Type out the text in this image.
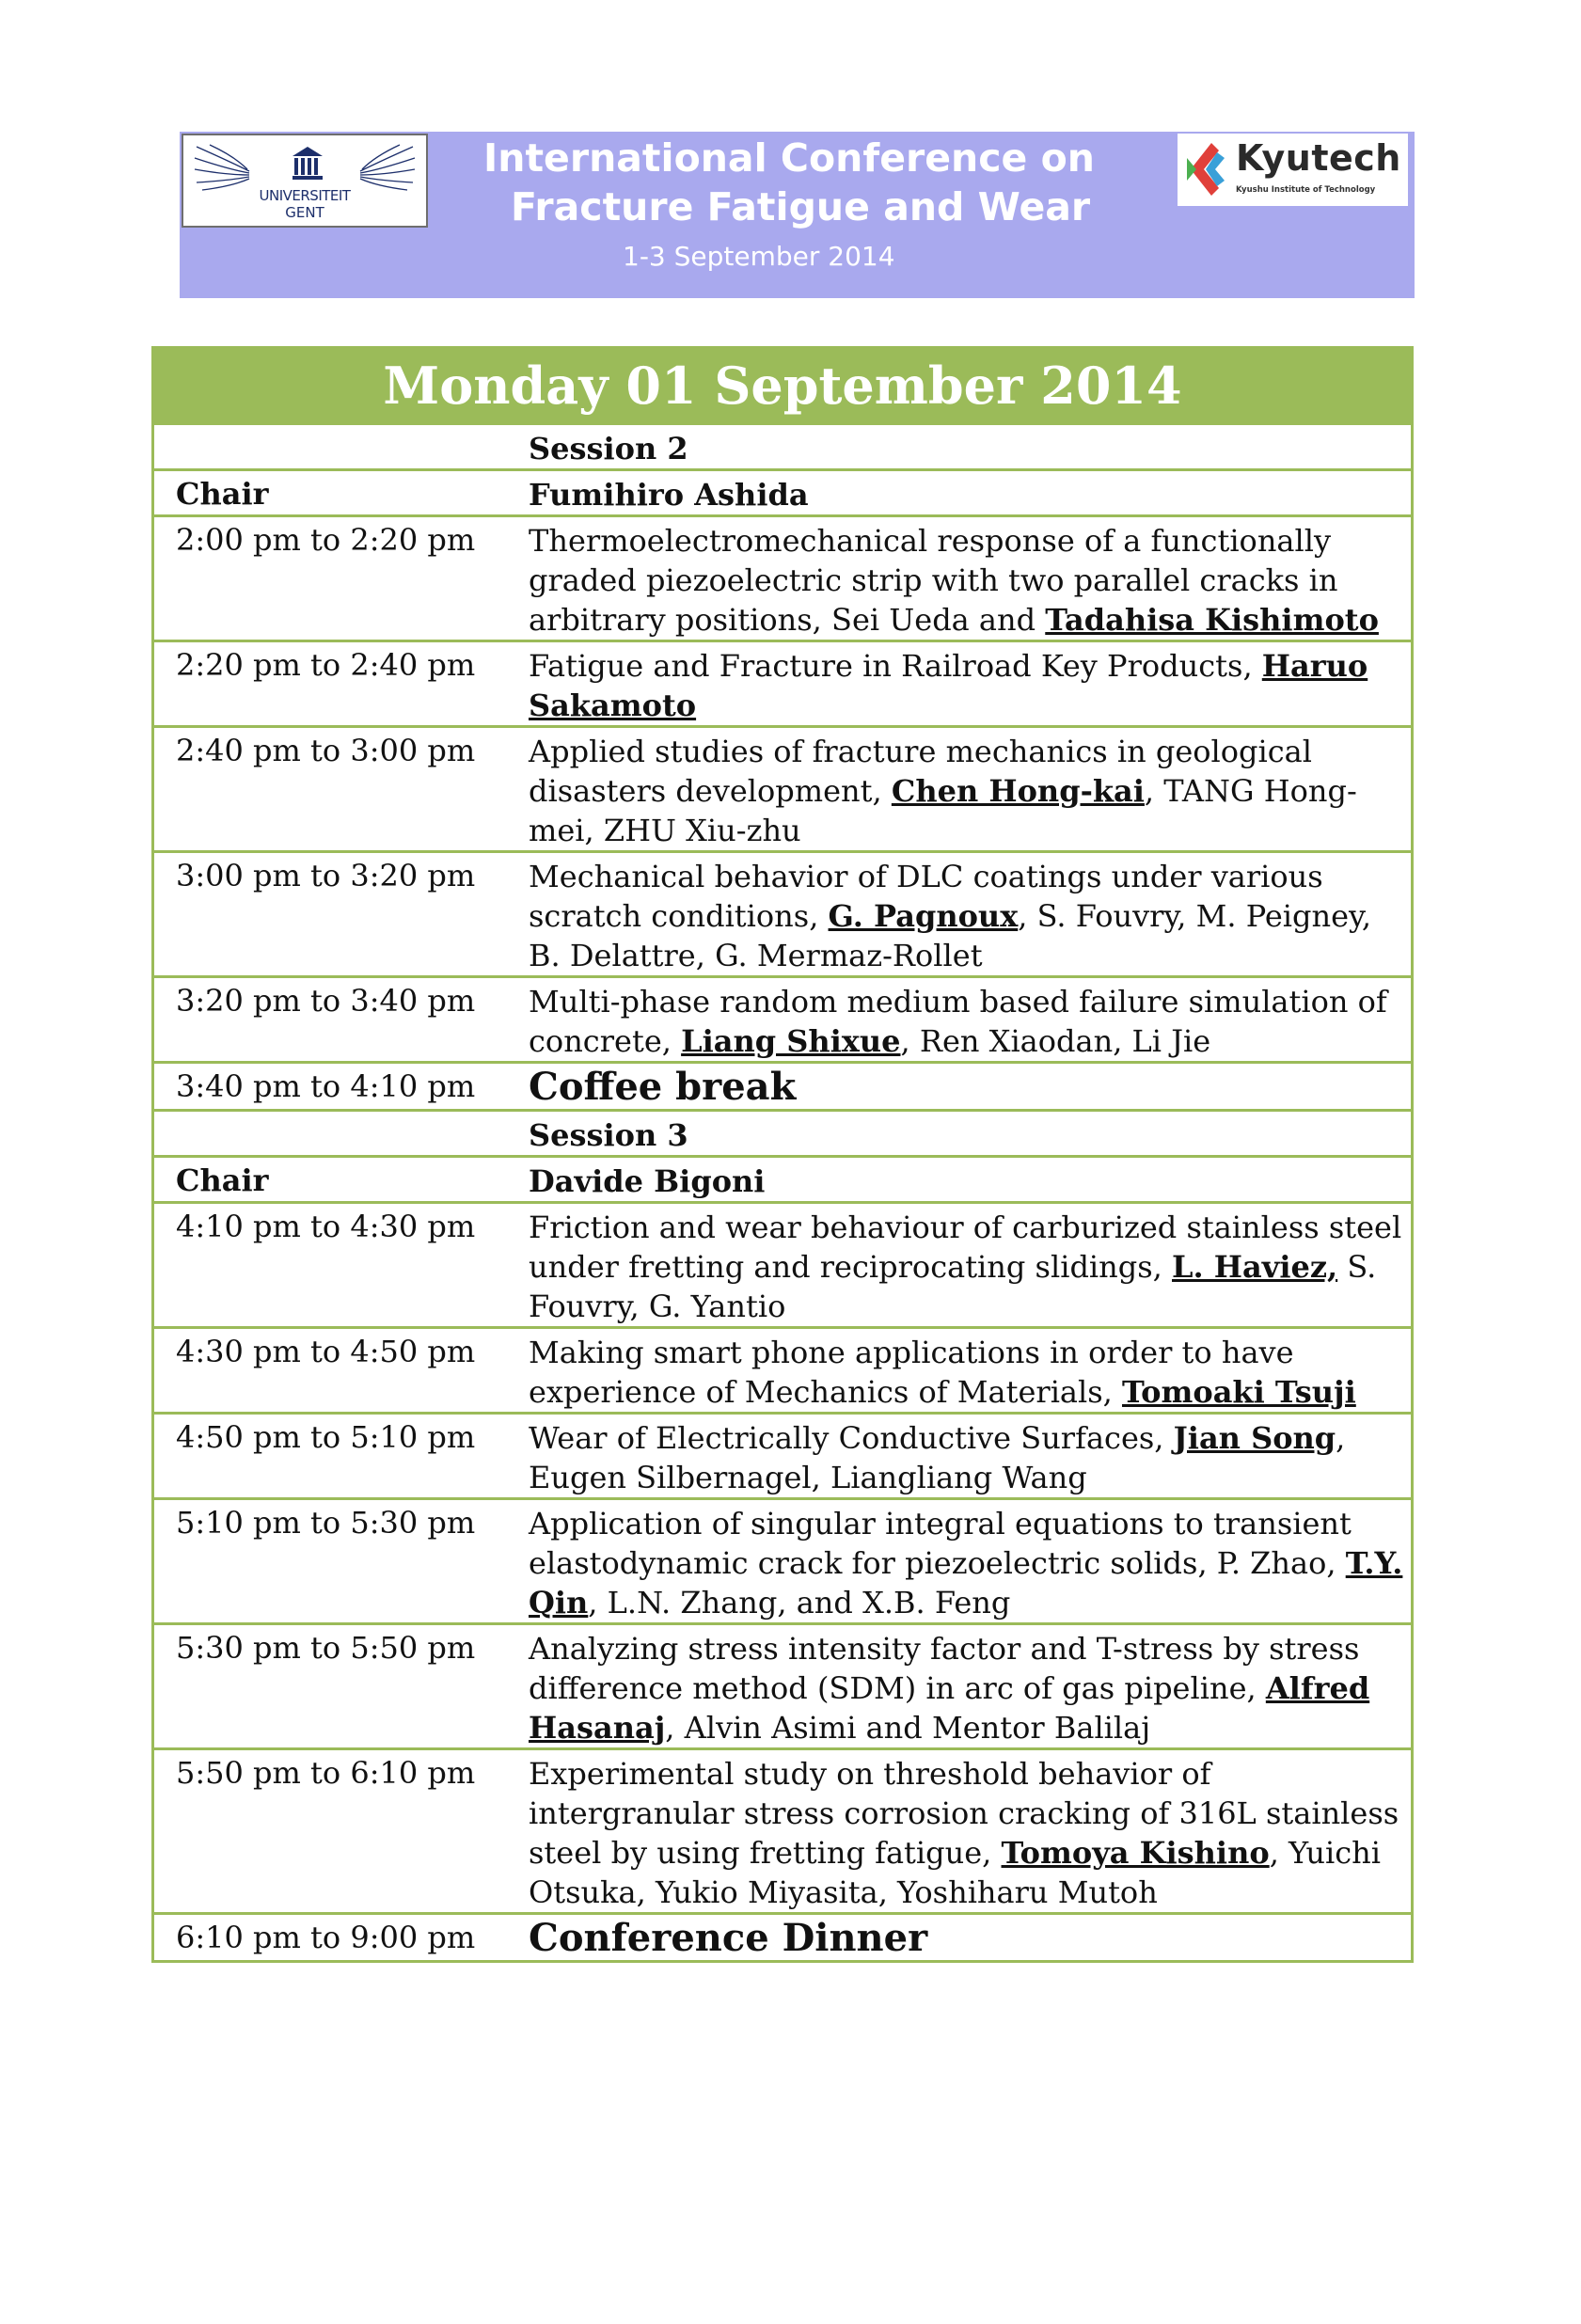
UNIVERSITEIT
GENT
International Conference on
Fracture Fatigue and Wear
1-3 September 2014
Kyutech
Kyushu Institute of Technology
Monday 01 September 2014
Session 2
Chair	Fumihiro Ashida
2:00 pm to 2:20 pm	Thermoelectromechanical response of a functionally graded piezoelectric strip with two parallel cracks in arbitrary positions, Sei Ueda and Tadahisa Kishimoto
2:20 pm to 2:40 pm	Fatigue and Fracture in Railroad Key Products, Haruo Sakamoto
2:40 pm to 3:00 pm	Applied studies of fracture mechanics in geological disasters development, Chen Hong-kai, TANG Hong-mei, ZHU Xiu-zhu
3:00 pm to 3:20 pm	Mechanical behavior of DLC coatings under various scratch conditions, G. Pagnoux, S. Fouvry, M. Peigney, B. Delattre, G. Mermaz-Rollet
3:20 pm to 3:40 pm	Multi-phase random medium based failure simulation of concrete, Liang Shixue, Ren Xiaodan, Li Jie
3:40 pm to 4:10 pm	Coffee break
Session 3
Chair	Davide Bigoni
4:10 pm to 4:30 pm	Friction and wear behaviour of carburized stainless steel under fretting and reciprocating slidings, L. Haviez, S. Fouvry, G. Yantio
4:30 pm to 4:50 pm	Making smart phone applications in order to have experience of Mechanics of Materials, Tomoaki Tsuji
4:50 pm to 5:10 pm	Wear of Electrically Conductive Surfaces, Jian Song, Eugen Silbernagel, Liangliang Wang
5:10 pm to 5:30 pm	Application of singular integral equations to transient elastodynamic crack for piezoelectric solids, P. Zhao, T.Y. Qin, L.N. Zhang, and X.B. Feng
5:30 pm to 5:50 pm	Analyzing stress intensity factor and T-stress by stress difference method (SDM) in arc of gas pipeline, Alfred Hasanaj, Alvin Asimi and Mentor Balilaj
5:50 pm to 6:10 pm	Experimental study on threshold behavior of intergranular stress corrosion cracking of 316L stainless steel by using fretting fatigue, Tomoya Kishino, Yuichi Otsuka, Yukio Miyasita, Yoshiharu Mutoh
6:10 pm to 9:00 pm	Conference Dinner
